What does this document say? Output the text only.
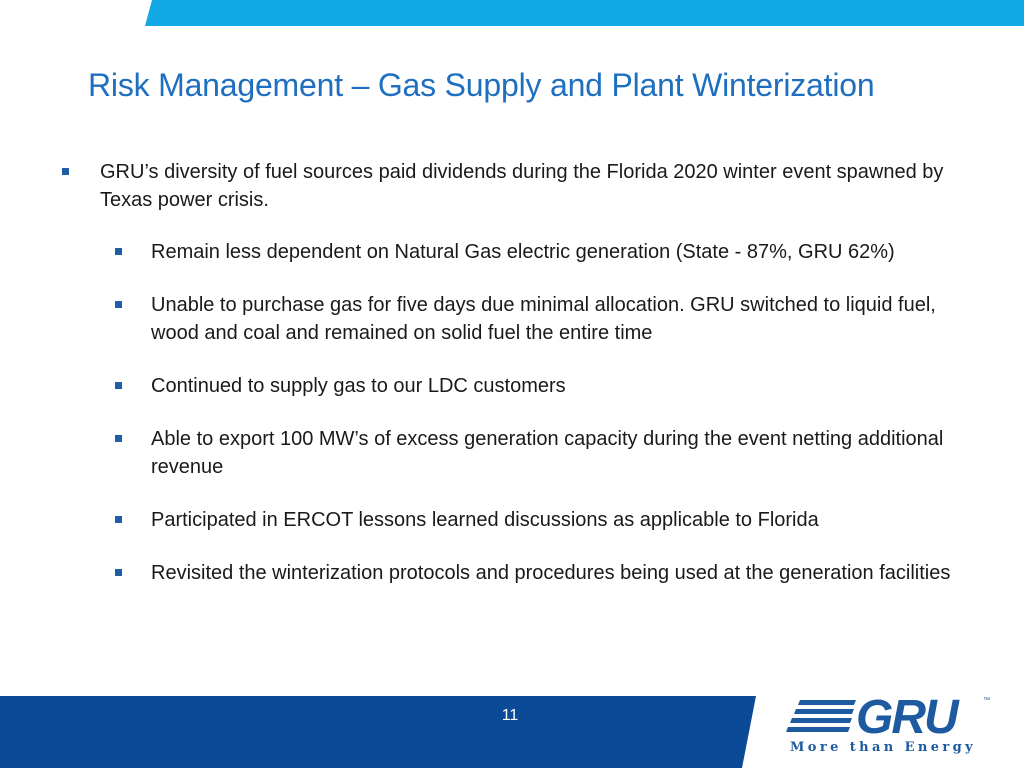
Risk Management – Gas Supply and Plant Winterization
GRU’s diversity of fuel sources paid dividends during the Florida 2020 winter event spawned by Texas power crisis.
Remain less dependent on Natural Gas electric generation (State - 87%, GRU 62%)
Unable to purchase gas for five days due minimal allocation. GRU switched to liquid fuel, wood and coal and remained on solid fuel the entire time
Continued to supply gas to our LDC customers
Able to export 100 MW’s of excess generation capacity during the event netting additional revenue
Participated in ERCOT lessons learned discussions as applicable to Florida
Revisited the winterization protocols and procedures being used at the generation facilities
11	GRU	™
More than Energy
